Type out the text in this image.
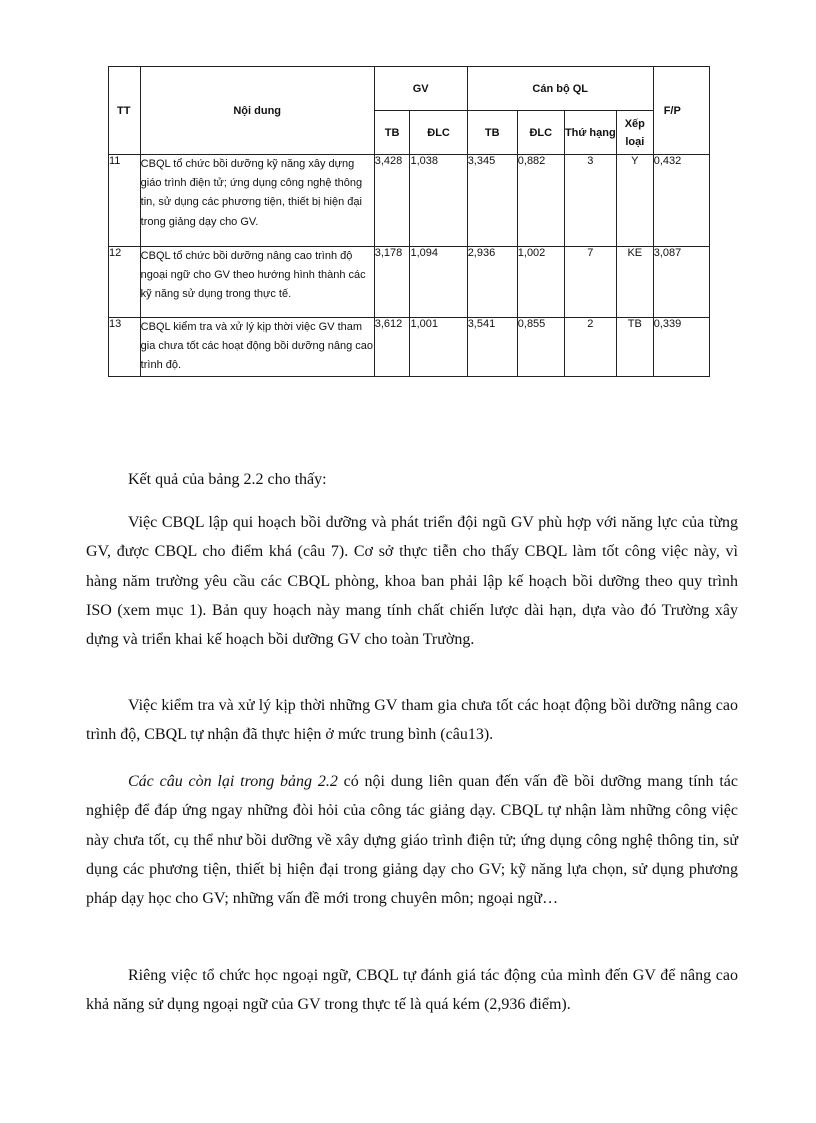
TT	Nội dung	GV		Cán bộ QL				F/P
		TB	ĐLC	TB	ĐLC	Thứ hạng	Xếp loại	
11	CBQL tổ chức bồi dưỡng kỹ năng xây dựng giáo trình điện tử; ứng dụng công nghệ thông tin, sử dụng các phương tiện, thiết bị hiện đại trong giảng dạy cho GV.	3,428	1,038	3,345	0,882	3	Y	0,432
12	CBQL tổ chức bồi dưỡng nâng cao trình độ ngoại ngữ cho GV theo hướng hình thành các kỹ năng sử dụng trong thực tế.	3,178	1,094	2,936	1,002	7	KE	3,087
13	CBQL kiểm tra và xử lý kịp thời việc GV tham gia chưa tốt các hoạt động bồi dưỡng nâng cao trình độ.	3,612	1,001	3,541	0,855	2	TB	0,339

Kết quả của bảng 2.2 cho thấy:

Việc CBQL lập qui hoạch bồi dưỡng và phát triển đội ngũ GV phù hợp với năng lực của từng GV, được CBQL cho điểm khá (câu 7). Cơ sở thực tiễn cho thấy CBQL làm tốt công việc này, vì hàng năm trường yêu cầu các CBQL phòng, khoa ban phải lập kế hoạch bồi dưỡng theo quy trình ISO (xem mục 1). Bản quy hoạch này mang tính chất chiến lược dài hạn, dựa vào đó Trường xây dựng và triển khai kế hoạch bồi dưỡng GV cho toàn Trường.

Việc kiểm tra và xử lý kịp thời những GV tham gia chưa tốt các hoạt động bồi dưỡng nâng cao trình độ, CBQL tự nhận đã thực hiện ở mức trung bình (câu13).

Các câu còn lại trong bảng 2.2 có nội dung liên quan đến vấn đề bồi dưỡng mang tính tác nghiệp để đáp ứng ngay những đòi hỏi của công tác giảng dạy. CBQL tự nhận làm những công việc này chưa tốt, cụ thể như bồi dưỡng về xây dựng giáo trình điện tử; ứng dụng công nghệ thông tin, sử dụng các phương tiện, thiết bị hiện đại trong giảng dạy cho GV; kỹ năng lựa chọn, sử dụng phương pháp dạy học cho GV; những vấn đề mới trong chuyên môn; ngoại ngữ…

Riêng việc tổ chức học ngoại ngữ, CBQL tự đánh giá tác động của mình đến GV để nâng cao khả năng sử dụng ngoại ngữ của GV trong thực tế là quá kém (2,936 điểm).
